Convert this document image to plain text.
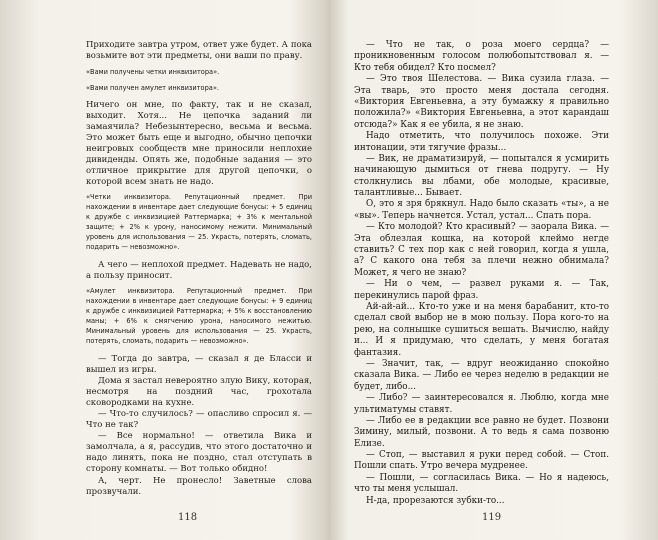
Приходите завтра утром, ответ уже будет. А пока возьмите вот эти предметы, они ваши по праву.

«Вами получены четки инквизитора».

«Вами получен амулет инквизитора».

Ничего он мне, по факту, так и не сказал, выходит. Хотя... Не цепочка заданий ли замаячила? Небезынтересно, весьма и весьма. Это может быть еще и выгодно, обычно цепочки неигровых сообществ мне приносили неплохие дивиденды. Опять же, подобные задания — это отличное прикрытие для другой цепочки, о которой всем знать не надо.

«Четки инквизитора. Репутационный предмет. При нахождении в инвентаре дает следующие бонусы: + 5 единиц к дружбе с инквизицией Раттермарка; + 3% к ментальной защите; + 2% к урону, наносимому нежити. Минимальный уровень для использования — 25. Украсть, потерять, сломать, подарить — невозможно».

А чего — неплохой предмет. Надевать не надо, а пользу приносит.

«Амулет инквизитора. Репутационный предмет. При нахождении в инвентаре дает следующие бонусы: + 9 единиц к дружбе с инквизицией Раттермарка; + 5% к восстановлению маны; + 6% к смягчению урона, наносимого нежитью. Минимальный уровень для использования — 25. Украсть, потерять, сломать, подарить — невозможно».

— Тогда до завтра, — сказал я де Бласси и вышел из игры.

Дома я застал невероятно злую Вику, которая, несмотря на поздний час, грохотала сковородками на кухне.

— Что-то случилось? — опасливо спросил я. — Что не так?

— Все нормально! — ответила Вика и замолчала, а я, рассудив, что этого достаточно и надо линять, пока не поздно, стал отступать в сторону комнаты. — Вот только обидно!

А, черт. Не пронесло! Заветные слова прозвучали.

118

— Что не так, о роза моего сердца? — проникновенным голосом полюбопытствовал я. — Кто тебя обидел? Кто посмел?

— Это твоя Шелестова. — Вика сузила глаза. — Эта тварь, это просто меня достала сегодня. «Виктория Евгеньевна, а эту бумажку я правильно положила?» «Виктория Евгеньевна, а этот карандаш отсюда?» Как я ее убила, я не знаю.

Надо отметить, что получилось похоже. Эти интонации, эти тягучие фразы...

— Вик, не драматизируй, — попытался я усмирить начинающую дымиться от гнева подругу. — Ну столкнулись вы лбами, обе молодые, красивые, талантливые... Бывает.

О, это я зря брякнул. Надо было сказать «ты», а не «вы». Теперь начнется. Устал, устал... Спать пора.

— Кто молодой? Кто красивый? — заорала Вика. — Эта облезлая кошка, на которой клеймо негде ставить? С тех пор как с ней говорил, когда я ушла, а? С какого она тебя за плечи нежно обнимала? Может, я чего не знаю?

— Ни о чем, — развел руками я. — Так, перекинулись парой фраз.

Ай-ай-ай... Кто-то уже и на меня барабанит, кто-то сделал свой выбор не в мою пользу. Пора кого-то на рею, на солнышке сушиться вешать. Вычислю, найду и... И я придумаю, что сделать, у меня богатая фантазия.

— Значит, так, — вдруг неожиданно спокойно сказала Вика. — Либо ее через неделю в редакции не будет, либо...

— Либо? — заинтересовался я. Люблю, когда мне ультиматумы ставят.

— Либо ее в редакции все равно не будет. Позвони Зимину, милый, позвони. А то ведь я сама позвоню Елизе.

— Стоп, — выставил я руки перед собой. — Стоп. Пошли спать. Утро вечера мудренее.

— Пошли, — согласилась Вика. — Но я надеюсь, что ты меня услышал.

Н-да, прорезаются зубки-то...

119
